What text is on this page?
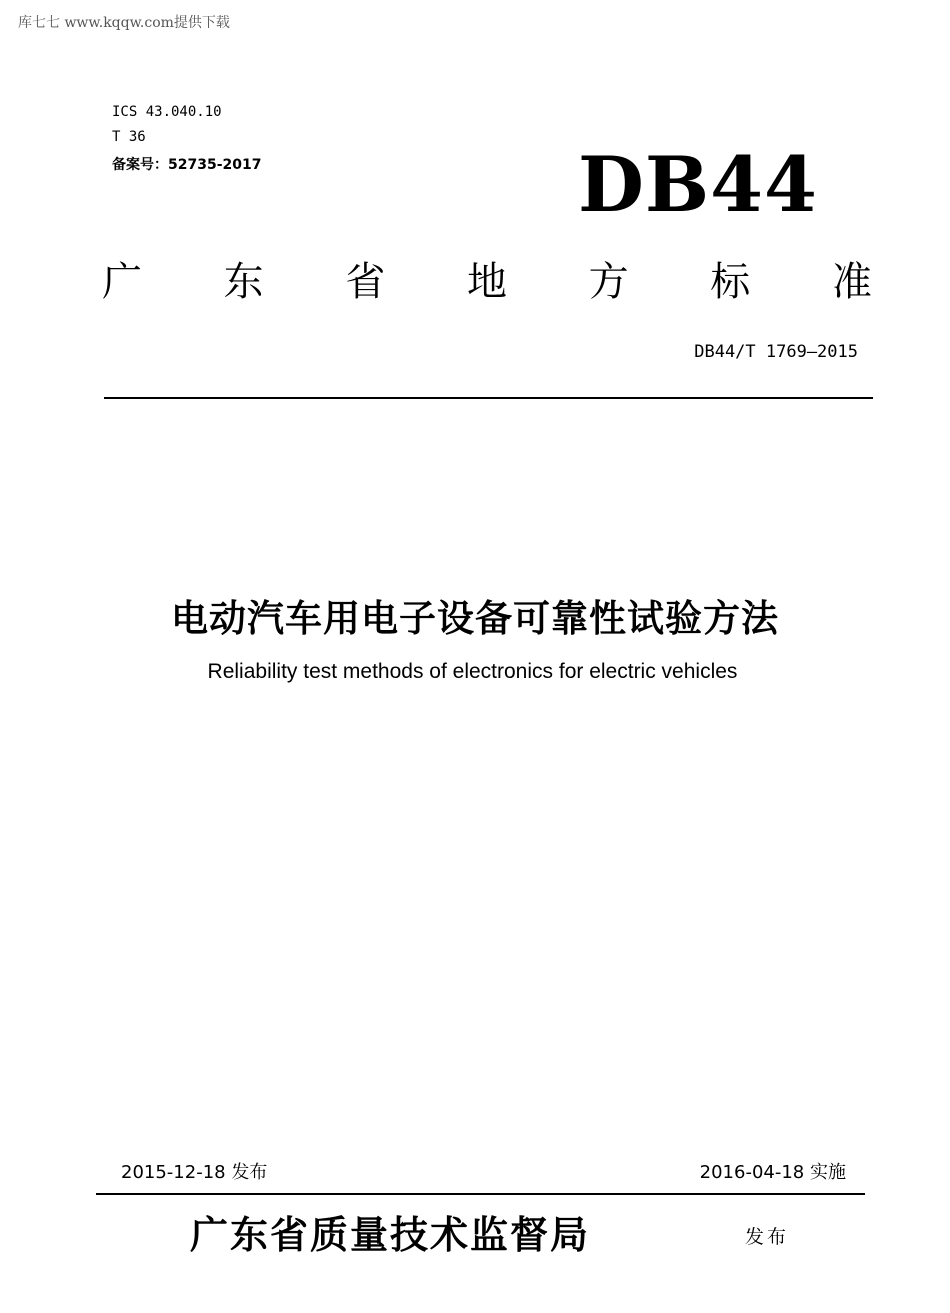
库七七 www.kqqw.com提供下载
ICS 43.040.10
T 36
备案号：52735-2017	DB44
广 东 省 地 方 标 准
DB44/T 1769—2015
电动汽车用电子设备可靠性试验方法
Reliability test methods of electronics for electric vehicles
2015-12-18 发布	2016-04-18 实施
广东省质量技术监督局	发布
